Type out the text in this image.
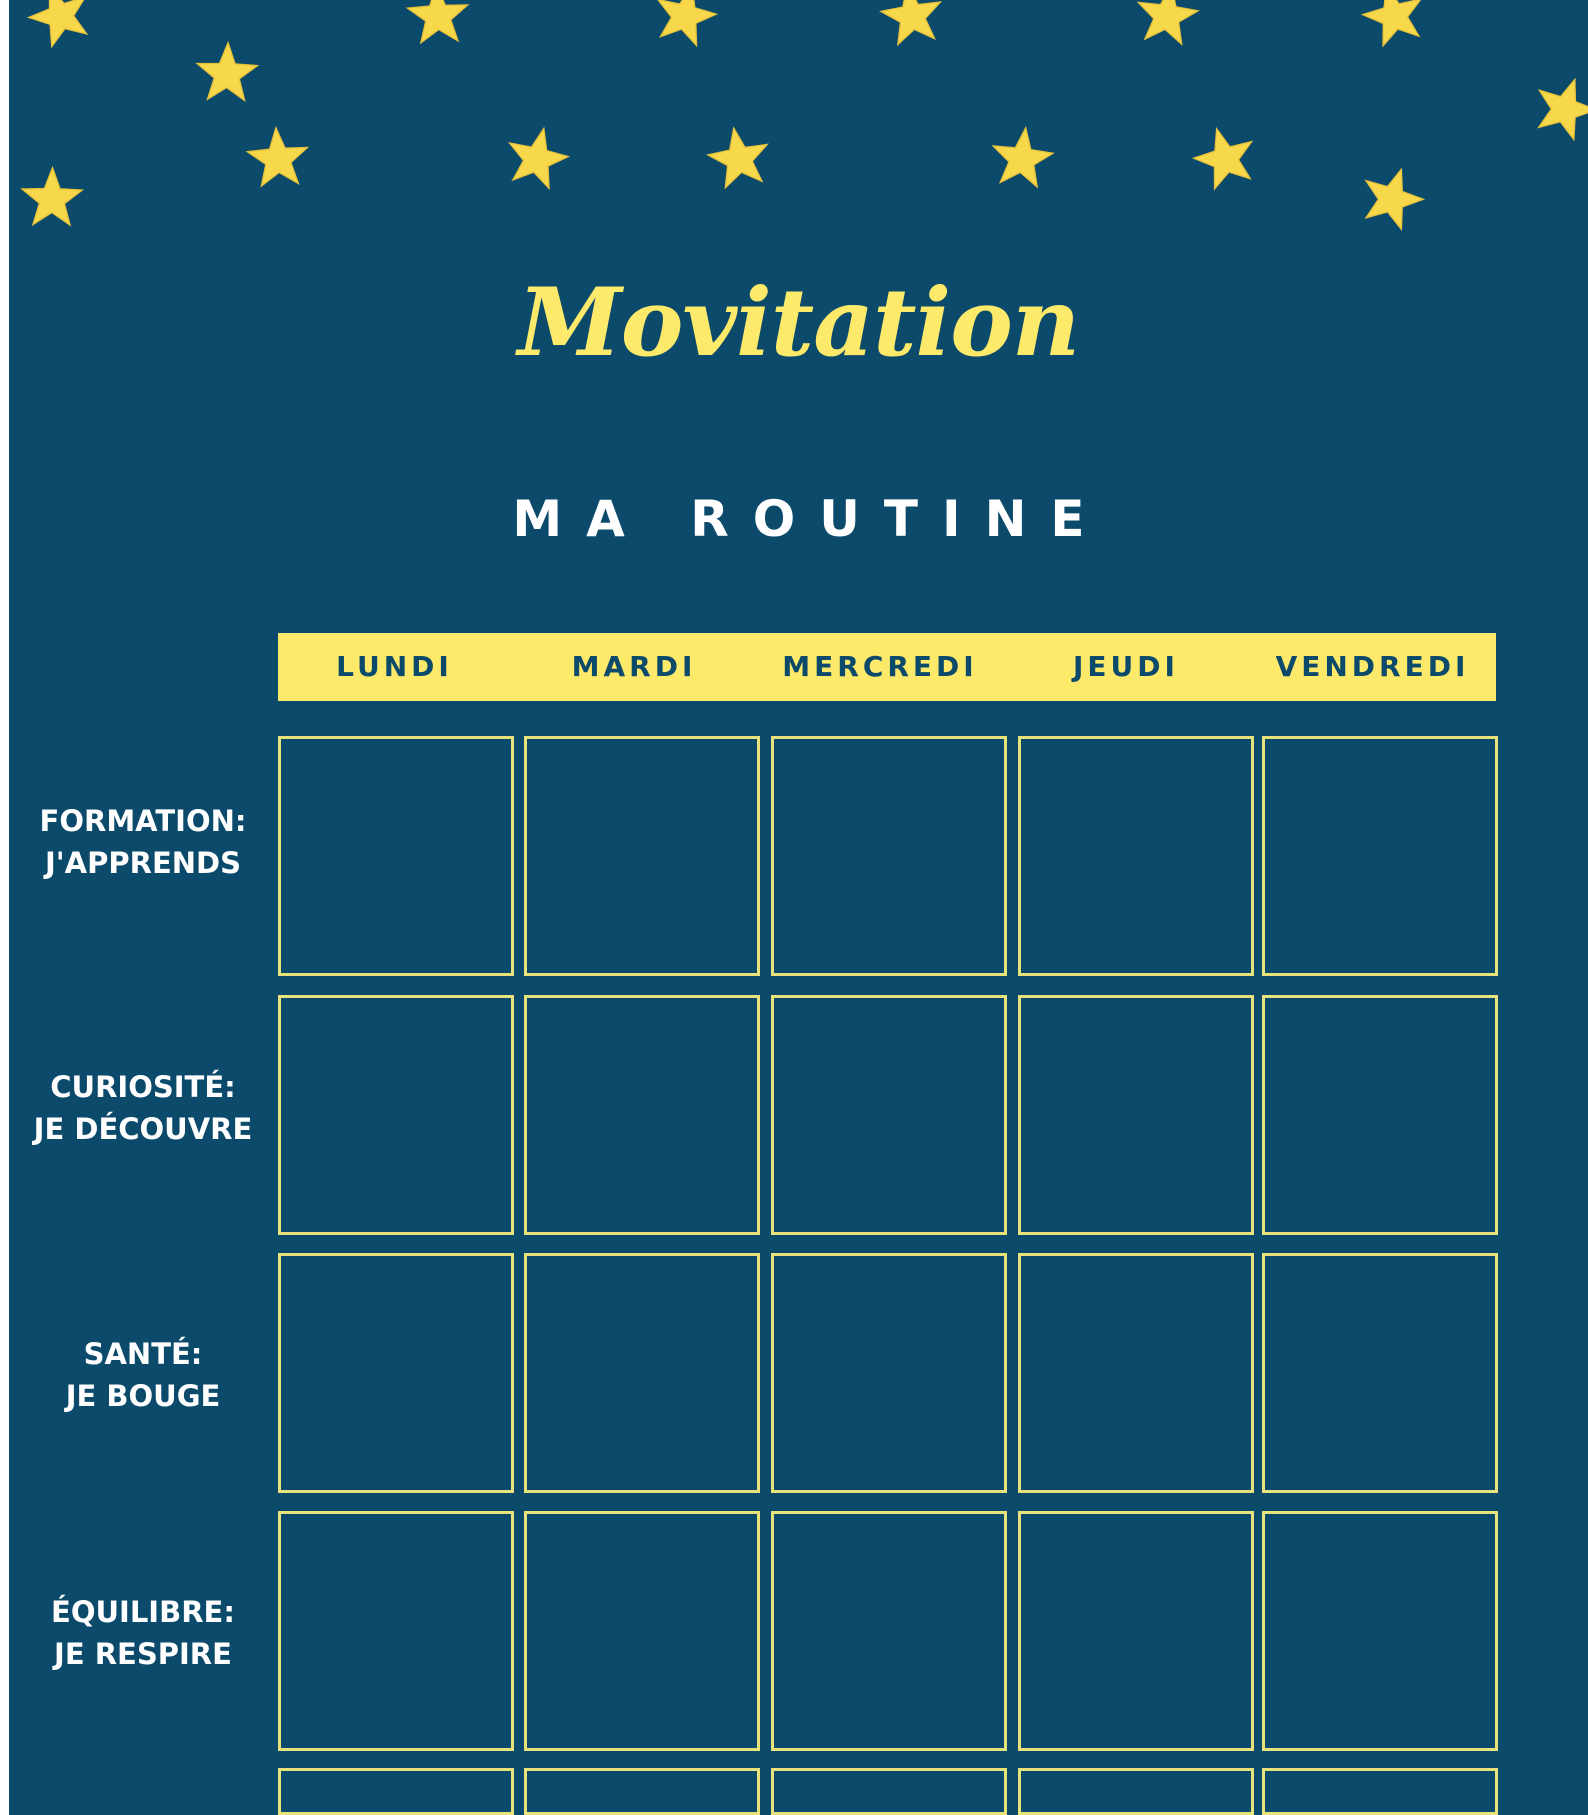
Movitation
MA ROUTINE
LUNDI	MARDI	MERCREDI	JEUDI	VENDREDI
FORMATION:
J'APPRENDS
CURIOSITÉ:
JE DÉCOUVRE
SANTÉ:
JE BOUGE
ÉQUILIBRE:
JE RESPIRE
